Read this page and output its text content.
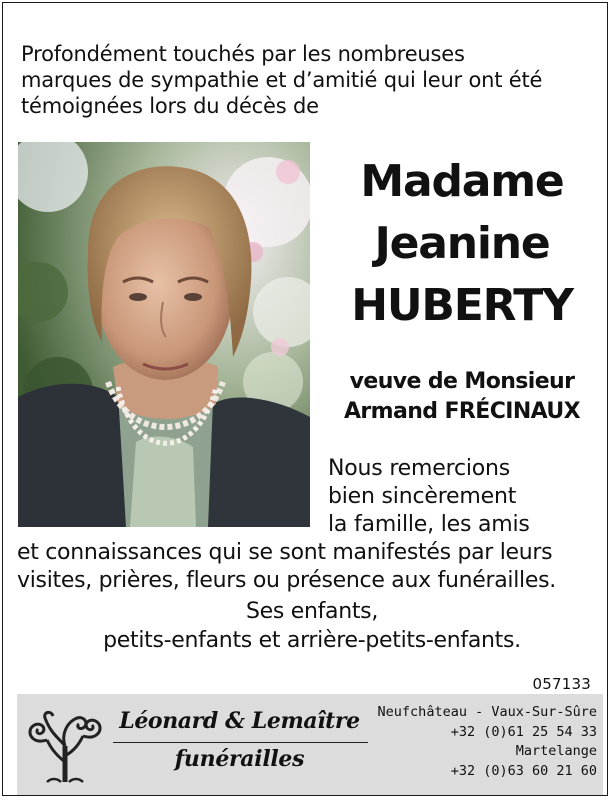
Profondément touchés par les nombreuses
marques de sympathie et d’amitié qui leur ont été
témoignées lors du décès de
Madame
Jeanine
HUBERTY
veuve de Monsieur
Armand FRÉCINAUX
Nous remercions
bien sincèrement
la famille, les amis
et connaissances qui se sont manifestés par leurs
visites, prières, fleurs ou présence aux funérailles.
Ses enfants,
petits-enfants et arrière-petits-enfants.
057133
Léonard & Lemaître
funérailles
Neufchâteau - Vaux-Sur-Sûre
+32 (0)61 25 54 33
Martelange
+32 (0)63 60 21 60
